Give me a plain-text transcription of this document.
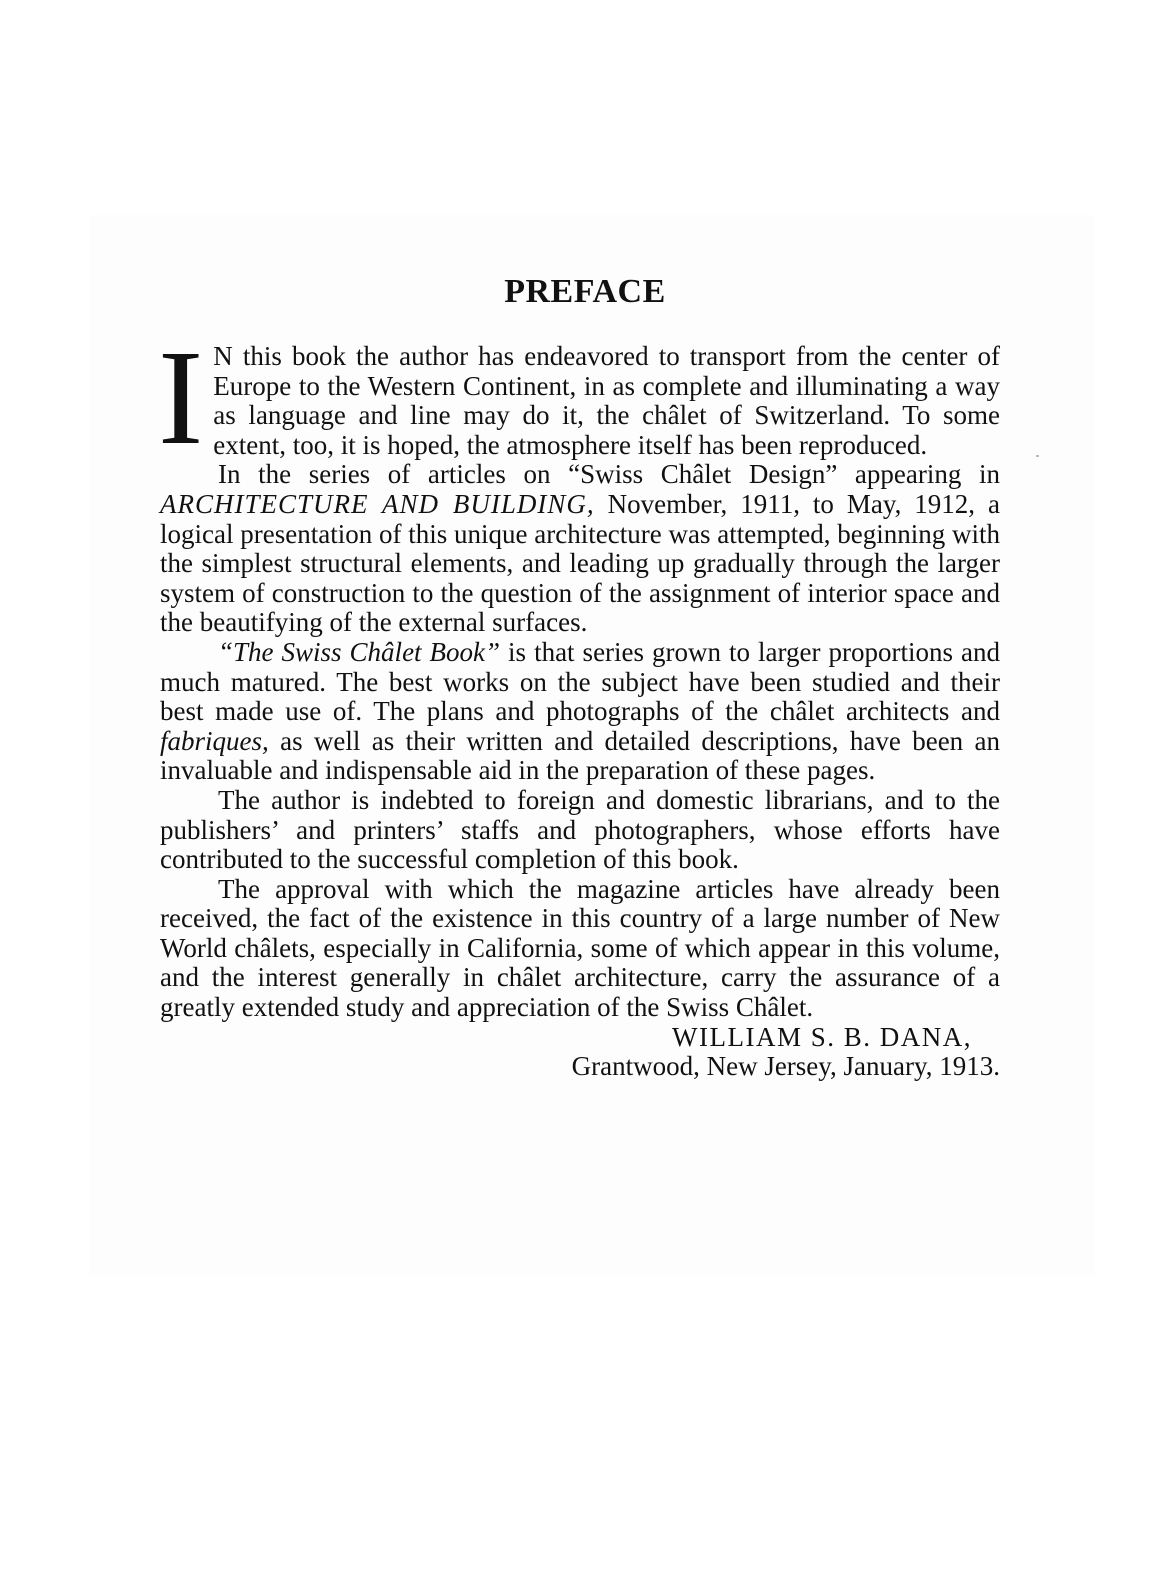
PREFACE

I N this book the author has endeavored to transport from the center of Europe to the Western Continent, in as complete and illuminating a way as language and line may do it, the châlet of Switzerland. To some extent, too, it is hoped, the atmosphere itself has been reproduced.

In the series of articles on “Swiss Châlet Design” appearing in ARCHITECTURE AND BUILDING, November, 1911, to May, 1912, a logical presentation of this unique architecture was attempted, beginning with the simplest structural elements, and leading up gradually through the larger system of construction to the question of the assignment of interior space and the beautifying of the external surfaces.

“The Swiss Châlet Book” is that series grown to larger proportions and much matured. The best works on the subject have been studied and their best made use of. The plans and photographs of the châlet architects and fabriques, as well as their written and detailed descriptions, have been an invaluable and indispensable aid in the preparation of these pages.

The author is indebted to foreign and domestic librarians, and to the publishers’ and printers’ staffs and photographers, whose efforts have contributed to the successful completion of this book.

The approval with which the magazine articles have already been received, the fact of the existence in this country of a large number of New World châlets, especially in California, some of which appear in this volume, and the interest generally in châlet architecture, carry the assurance of a greatly extended study and appreciation of the Swiss Châlet.

WILLIAM S. B. DANA,
Grantwood, New Jersey, January, 1913.
